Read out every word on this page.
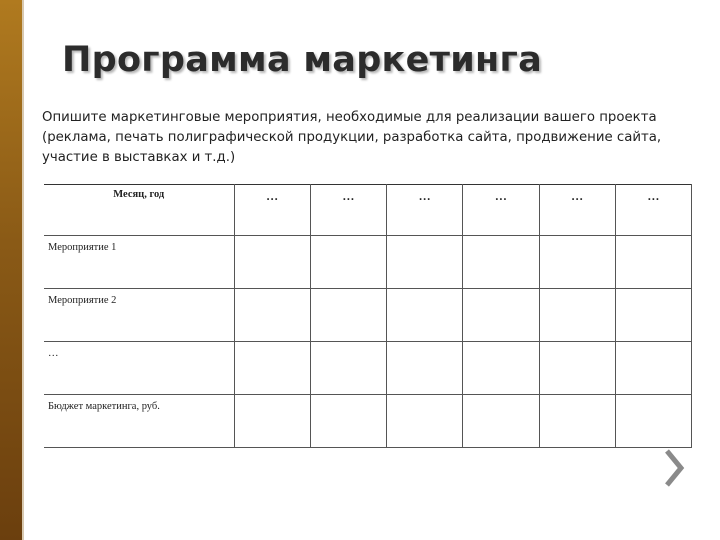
Программа маркетинга

Опишите маркетинговые мероприятия, необходимые для реализации вашего проекта (реклама, печать полиграфической продукции, разработка сайта, продвижение сайта, участие в выставках и т.д.)

Месяц, год	…	…	…	…	…	…
Мероприятие 1						
Мероприятие 2						
…						
Бюджет маркетинга, руб.						
